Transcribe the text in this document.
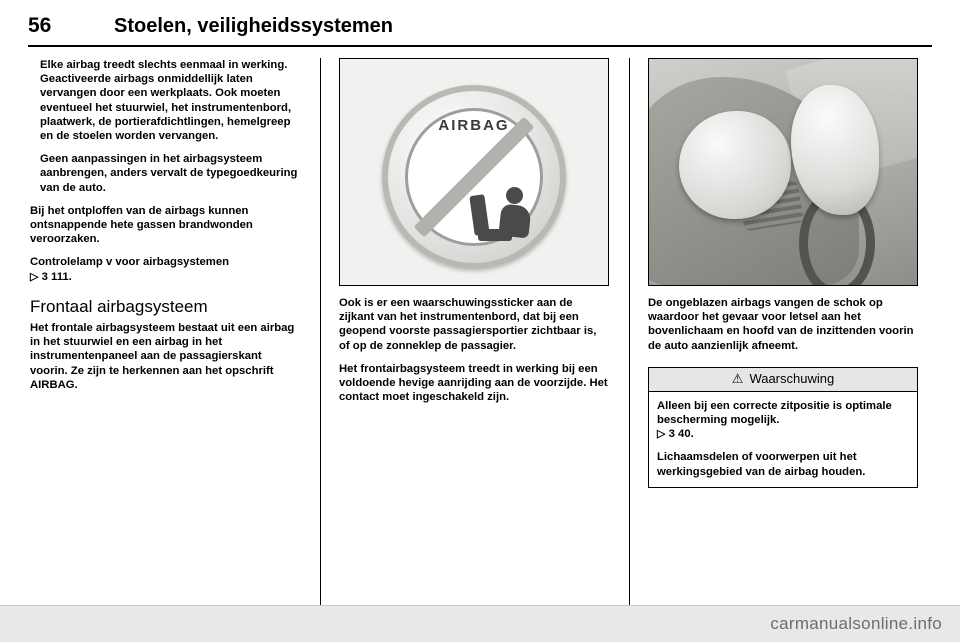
56	Stoelen, veiligheidssystemen

Elke airbag treedt slechts eenmaal in werking. Geactiveerde airbags onmiddellijk laten vervangen door een werkplaats. Ook moeten eventueel het stuurwiel, het instrumentenbord, plaatwerk, de portierafdichtlingen, hemelgreep en de stoelen worden vervangen.

Geen aanpassingen in het airbagsysteem aanbrengen, anders vervalt de typegoedkeuring van de auto.

Bij het ontploffen van de airbags kunnen ontsnappende hete gassen brandwonden veroorzaken.

Controlelamp v voor airbagsystemen
▷ 3 111.

Frontaal airbagsysteem

Het frontale airbagsysteem bestaat uit een airbag in het stuurwiel en een airbag in het instrumentenpaneel aan de passagierskant voorin. Ze zijn te herkennen aan het opschrift AIRBAG.

AIRBAG

Ook is er een waarschuwingssticker aan de zijkant van het instrumentenbord, dat bij een geopend voorste passagiersportier zichtbaar is, of op de zonneklep de passagier.

Het frontairbagsysteem treedt in werking bij een voldoende hevige aanrijding aan de voorzijde. Het contact moet ingeschakeld zijn.

De ongeblazen airbags vangen de schok op waardoor het gevaar voor letsel aan het bovenlichaam en hoofd van de inzittenden voorin de auto aanzienlijk afneemt.

⚠ Waarschuwing

Alleen bij een correcte zitpositie is optimale bescherming mogelijk.
▷ 3 40.

Lichaamsdelen of voorwerpen uit het werkingsgebied van de airbag houden.

carmanualsonline.info
